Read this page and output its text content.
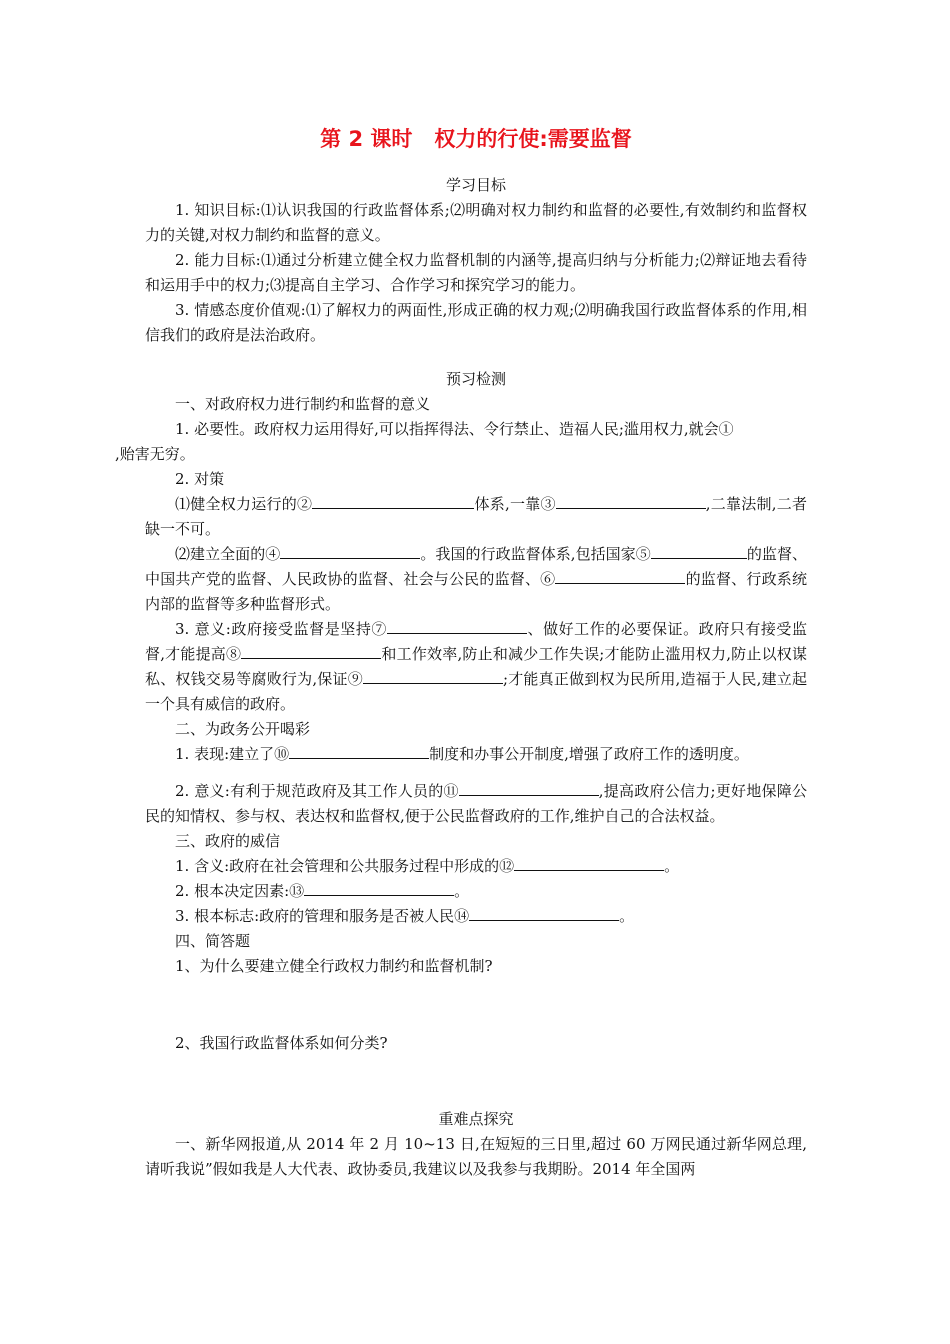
第 2 课时 权力的行使:需要监督
学习目标

1. 知识目标:⑴认识我国的行政监督体系;⑵明确对权力制约和监督的必要性,有效制约和监督权力的关键,对权力制约和监督的意义。

2. 能力目标:⑴通过分析建立健全权力监督机制的内涵等,提高归纳与分析能力;⑵辩证地去看待和运用手中的权力;⑶提高自主学习、合作学习和探究学习的能力。

3. 情感态度价值观:⑴了解权力的两面性,形成正确的权力观;⑵明确我国行政监督体系的作用,相信我们的政府是法治政府。

预习检测

一、对政府权力进行制约和监督的意义

1. 必要性。政府权力运用得好,可以指挥得法、令行禁止、造福人民;滥用权力,就会①
,贻害无穷。

2. 对策

⑴健全权力运行的②	体系,一靠③	,二靠法制,二者缺一不可。

⑵建立全面的④	。我国的行政监督体系,包括国家⑤	的监督、中国共产党的监督、人民政协的监督、社会与公民的监督、⑥	的监督、行政系统内部的监督等多种监督形式。

3. 意义:政府接受监督是坚持⑦	、做好工作的必要保证。政府只有接受监督,才能提高⑧	和工作效率,防止和减少工作失误;才能防止滥用权力,防止以权谋私、权钱交易等腐败行为,保证⑨	;才能真正做到权为民所用,造福于人民,建立起一个具有威信的政府。

二、为政务公开喝彩

1. 表现:建立了⑩	制度和办事公开制度,增强了政府工作的透明度。

2. 意义:有利于规范政府及其工作人员的⑪	,提高政府公信力;更好地保障公民的知情权、参与权、表达权和监督权,便于公民监督政府的工作,维护自己的合法权益。

三、政府的威信

1. 含义:政府在社会管理和公共服务过程中形成的⑫	。

2. 根本决定因素:⑬	。

3. 根本标志:政府的管理和服务是否被人民⑭	。

四、简答题

1、为什么要建立健全行政权力制约和监督机制?

2、我国行政监督体系如何分类?

重难点探究

一、新华网报道,从 2014 年 2 月 10~13 日,在短短的三日里,超过 60 万网民通过新华网总理,请听我说”假如我是人大代表、政协委员,我建议以及我参与我期盼。2014 年全国两
